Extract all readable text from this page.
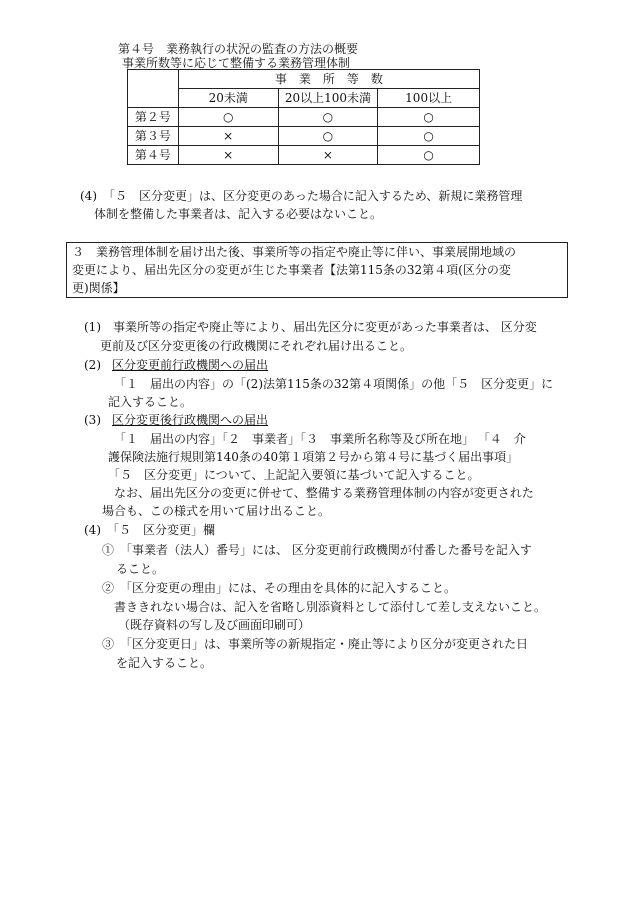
第４号　業務執行の状況の監査の方法の概要
事業所数等に応じて整備する業務管理体制
	事　業　所　等　数		
	20未満	20以上100未満	100以上
第２号	○	○	○
第３号	×	○	○
第４号	×	×	○
(4)　「５　区分変更」は、区分変更のあった場合に記入するため、新規に業務管理
体制を整備した事業者は、記入する必要はないこと。
３　業務管理体制を届け出た後、事業所等の指定や廃止等に伴い、事業展開地域の
変更により、届出先区分の変更が生じた事業者【法第115条の32第４項(区分の変
更)関係】
(1)　事業所等の指定や廃止等により、届出先区分に変更があった事業者は、 区分変
更前及び区分変更後の行政機関にそれぞれ届け出ること。
(2) 区分変更前行政機関への届出
「１　届出の内容」の「(2)法第115条の32第４項関係」の他「５　区分変更」に
記入すること。
(3) 区分変更後行政機関への届出
「１　届出の内容」「２　事業者」「３　事業所名称等及び所在地」 「４　介
護保険法施行規則第140条の40第１項第２号から第４号に基づく届出事項」
「５　区分変更」について、上記記入要領に基づいて記入すること。
なお、届出先区分の変更に併せて、整備する業務管理体制の内容が変更された
場合も、この様式を用いて届け出ること。
(4)　「５　区分変更」欄
①　「事業者（法人）番号」には、 区分変更前行政機関が付番した番号を記入す
ること。
②　「区分変更の理由」には、その理由を具体的に記入すること。
書ききれない場合は、記入を省略し別添資料として添付して差し支えないこと。
（既存資料の写し及び画面印刷可）
③　「区分変更日」は、事業所等の新規指定・廃止等により区分が変更された日
を記入すること。
